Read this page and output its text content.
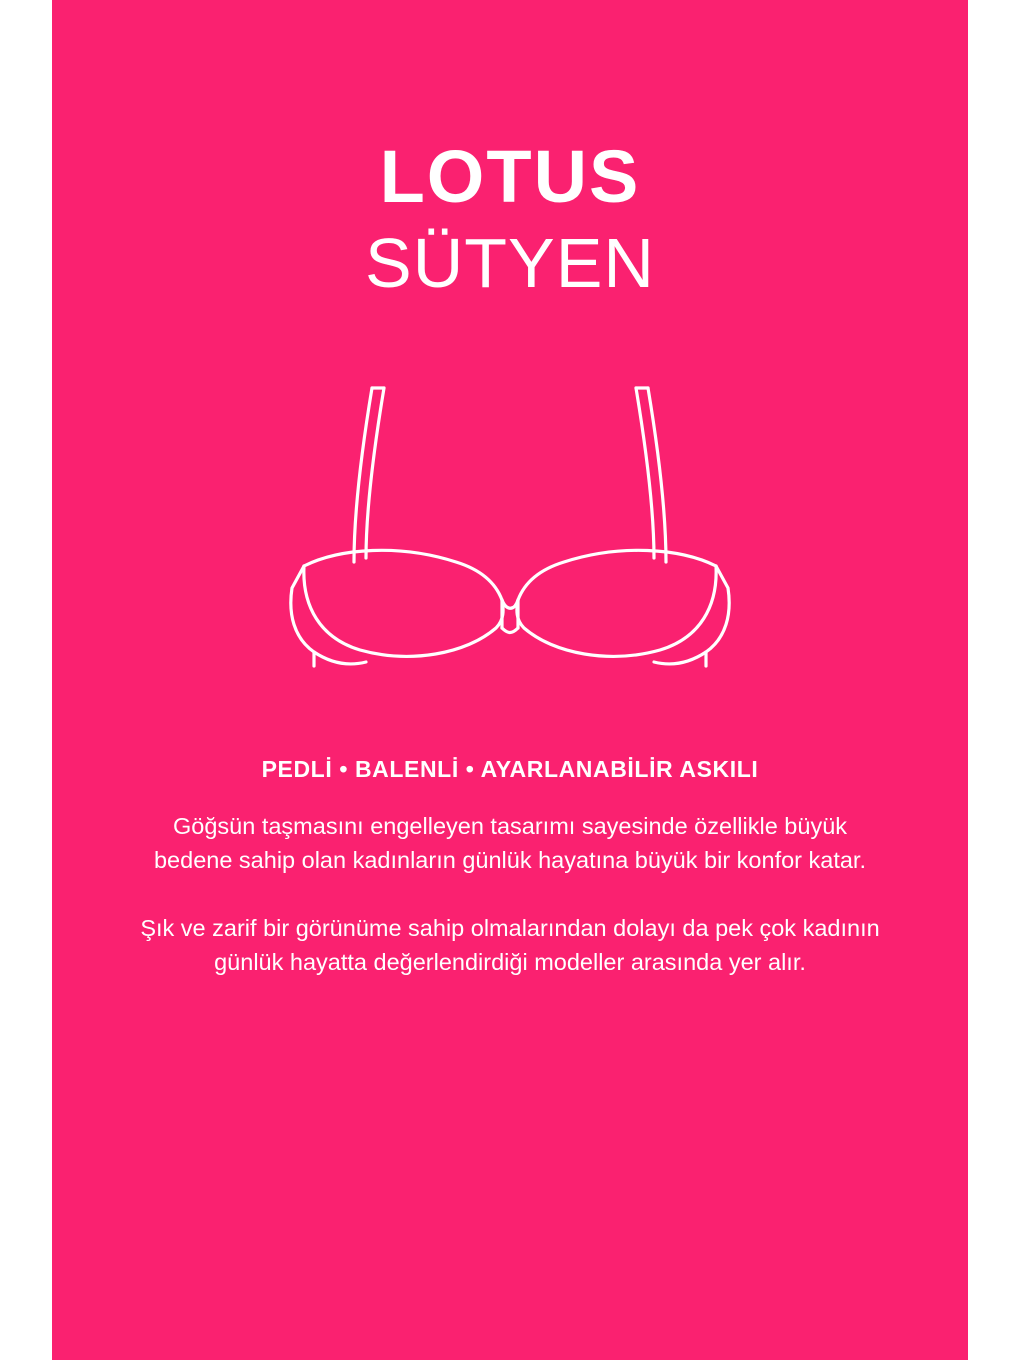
LOTUS
SÜTYEN
PEDLİ • BALENLİ • AYARLANABİLİR ASKILI

Göğsün taşmasını engelleyen tasarımı sayesinde özellikle büyük bedene sahip olan kadınların günlük hayatına büyük bir konfor katar.

Şık ve zarif bir görünüme sahip olmalarından dolayı da pek çok kadının günlük hayatta değerlendirdiği modeller arasında yer alır.
